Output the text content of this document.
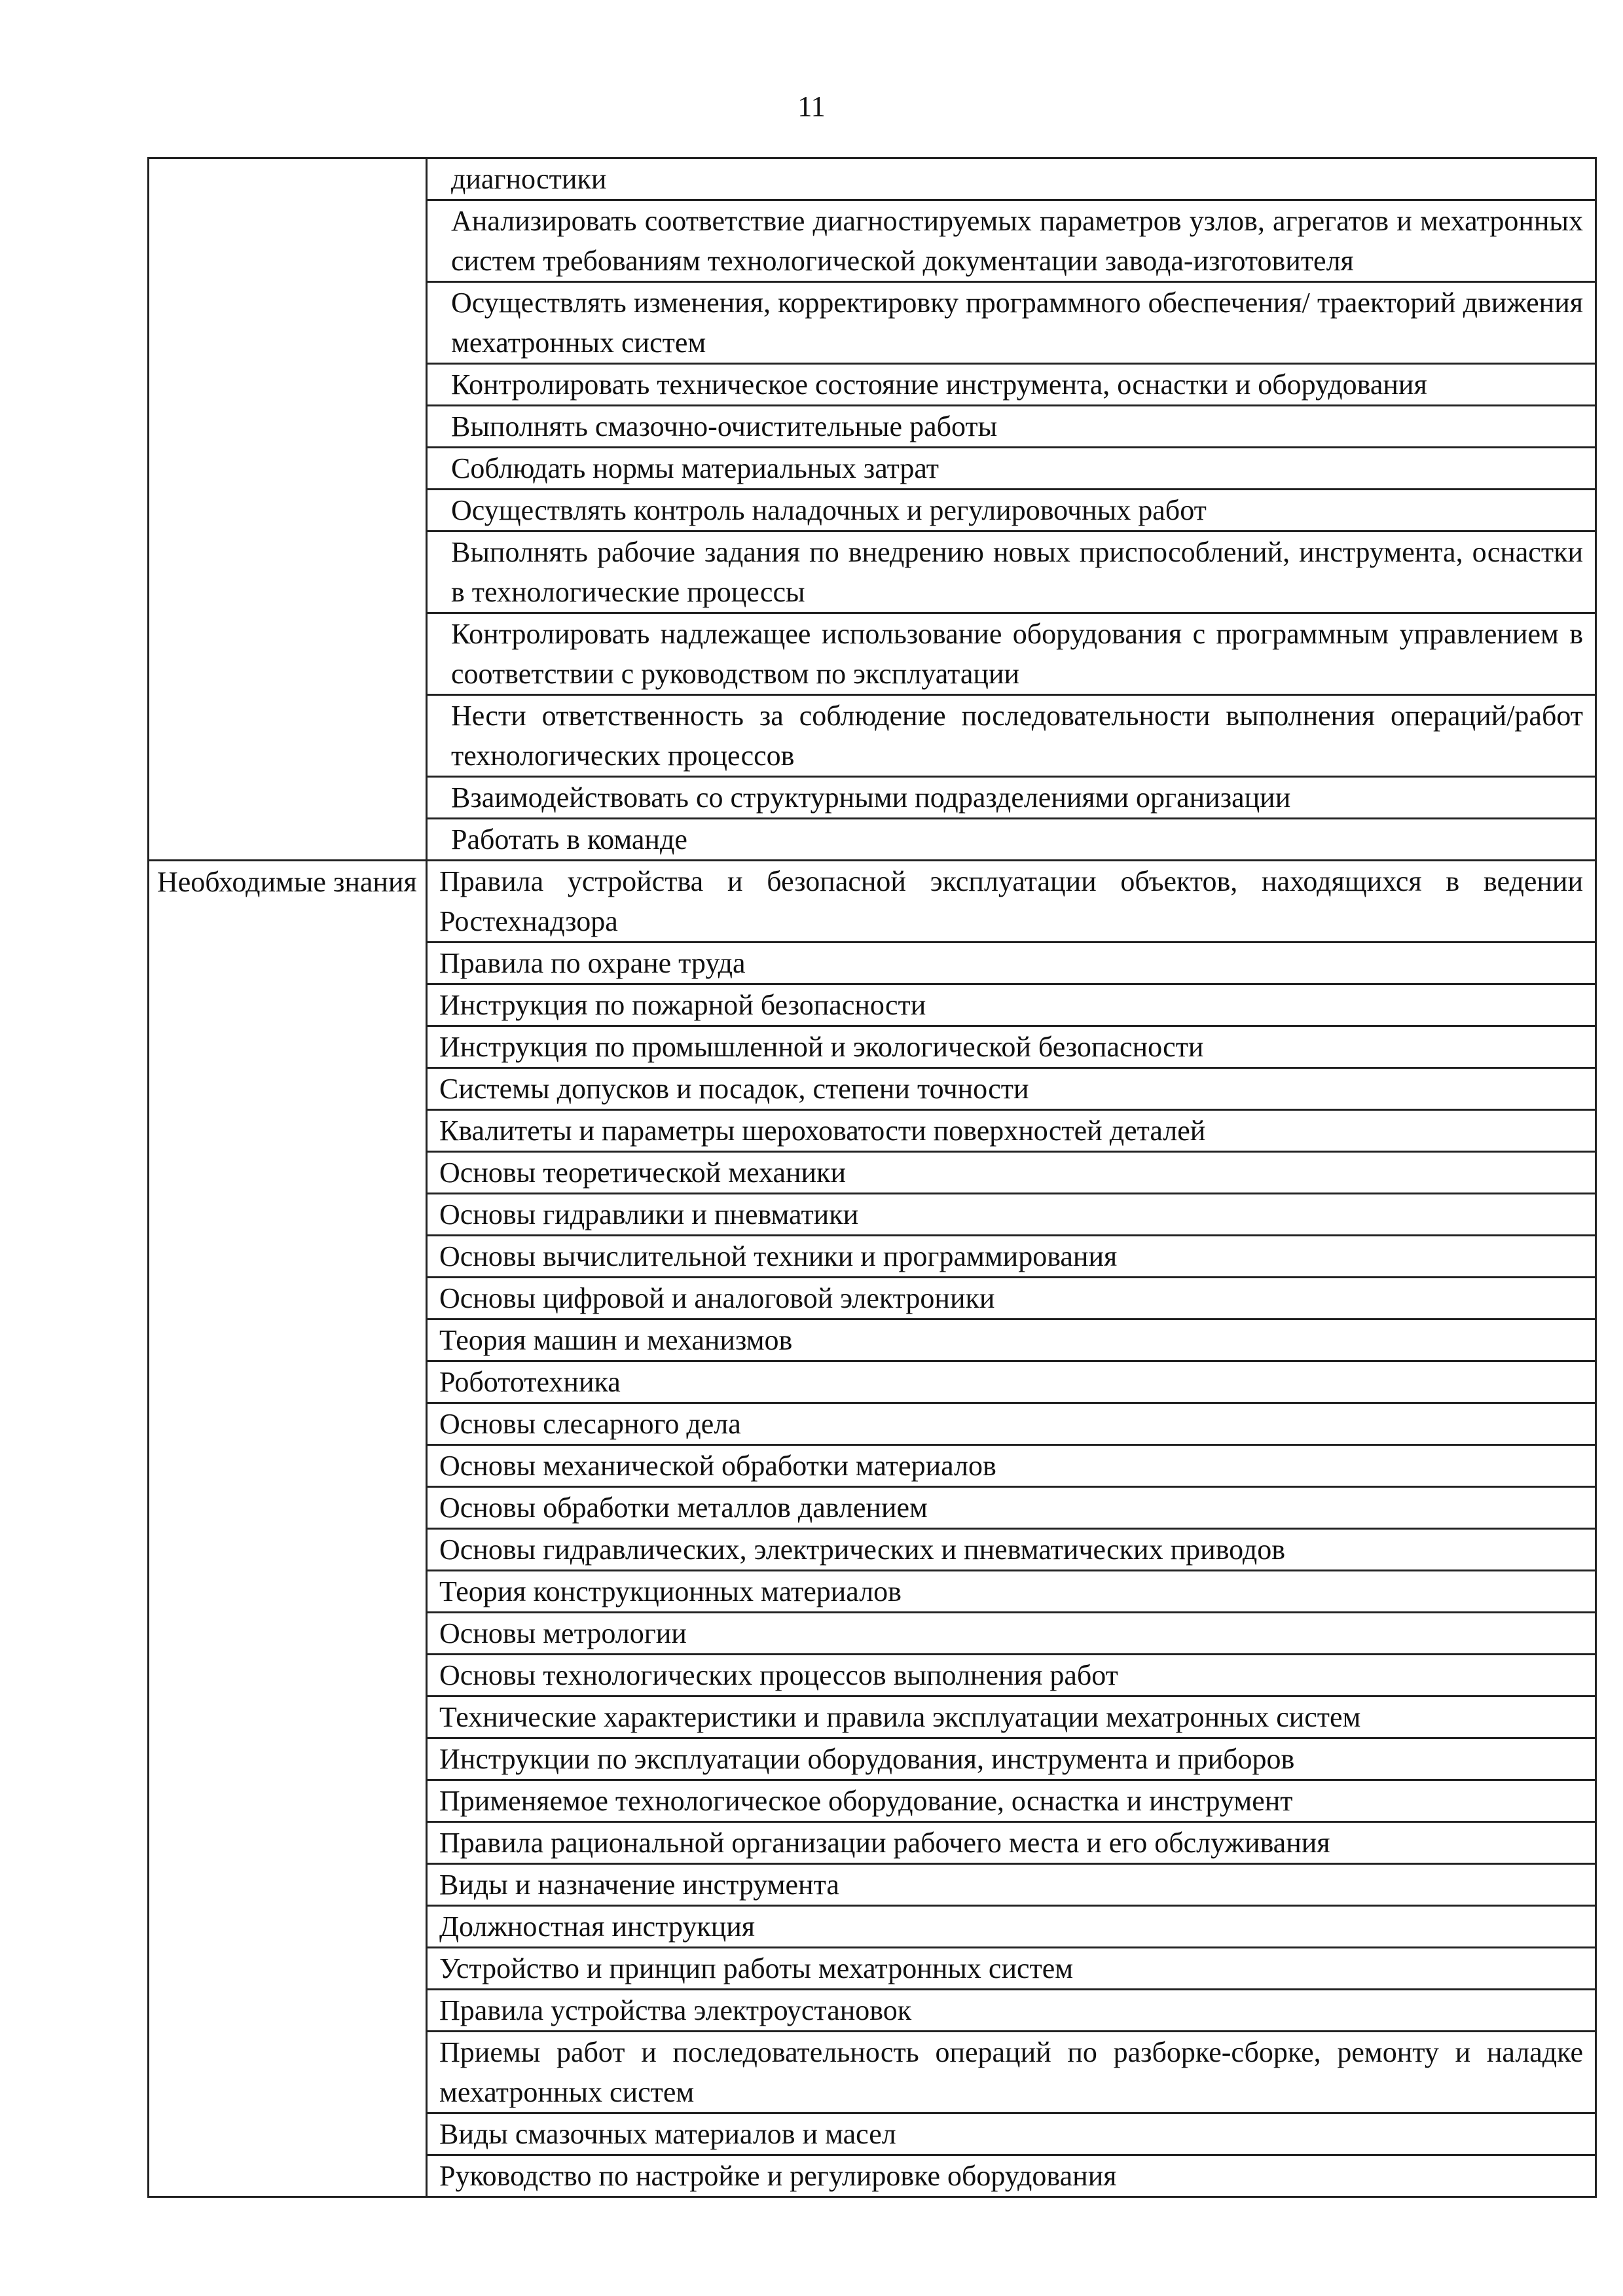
11
	диагностики
	Анализировать соответствие диагностируемых параметров узлов, агрегатов и мехатронных систем требованиям технологической документации завода-изготовителя
	Осуществлять изменения, корректировку программного обеспечения/ траекторий движения мехатронных систем
	Контролировать техническое состояние инструмента, оснастки и оборудования
	Выполнять смазочно-очистительные работы
	Соблюдать нормы материальных затрат
	Осуществлять контроль наладочных и регулировочных работ
	Выполнять рабочие задания по внедрению новых приспособлений, инструмента, оснастки в технологические процессы
	Контролировать надлежащее использование оборудования с программным управлением в соответствии с руководством по эксплуатации
	Нести ответственность за соблюдение последовательности выполнения операций/работ технологических процессов
	Взаимодействовать со структурными подразделениями организации
	Работать в команде
Необходимые знания	Правила устройства и безопасной эксплуатации объектов, находящихся в ведении Ростехнадзора
	Правила по охране труда
	Инструкция по пожарной безопасности
	Инструкция по промышленной и экологической безопасности
	Системы допусков и посадок, степени точности
	Квалитеты и параметры шероховатости поверхностей деталей
	Основы теоретической механики
	Основы гидравлики и пневматики
	Основы вычислительной техники и программирования
	Основы цифровой и аналоговой электроники
	Теория машин и механизмов
	Робототехника
	Основы слесарного дела
	Основы механической обработки материалов
	Основы обработки металлов давлением
	Основы гидравлических, электрических и пневматических приводов
	Теория конструкционных материалов
	Основы метрологии
	Основы технологических процессов выполнения работ
	Технические характеристики и правила эксплуатации мехатронных систем
	Инструкции по эксплуатации оборудования, инструмента и приборов
	Применяемое технологическое оборудование, оснастка и инструмент
	Правила рациональной организации рабочего места и его обслуживания
	Виды и назначение инструмента
	Должностная инструкция
	Устройство и принцип работы мехатронных систем
	Правила устройства электроустановок
	Приемы работ и последовательность операций по разборке-сборке, ремонту и наладке мехатронных систем
	Виды смазочных материалов и масел
	Руководство по настройке и регулировке оборудования
